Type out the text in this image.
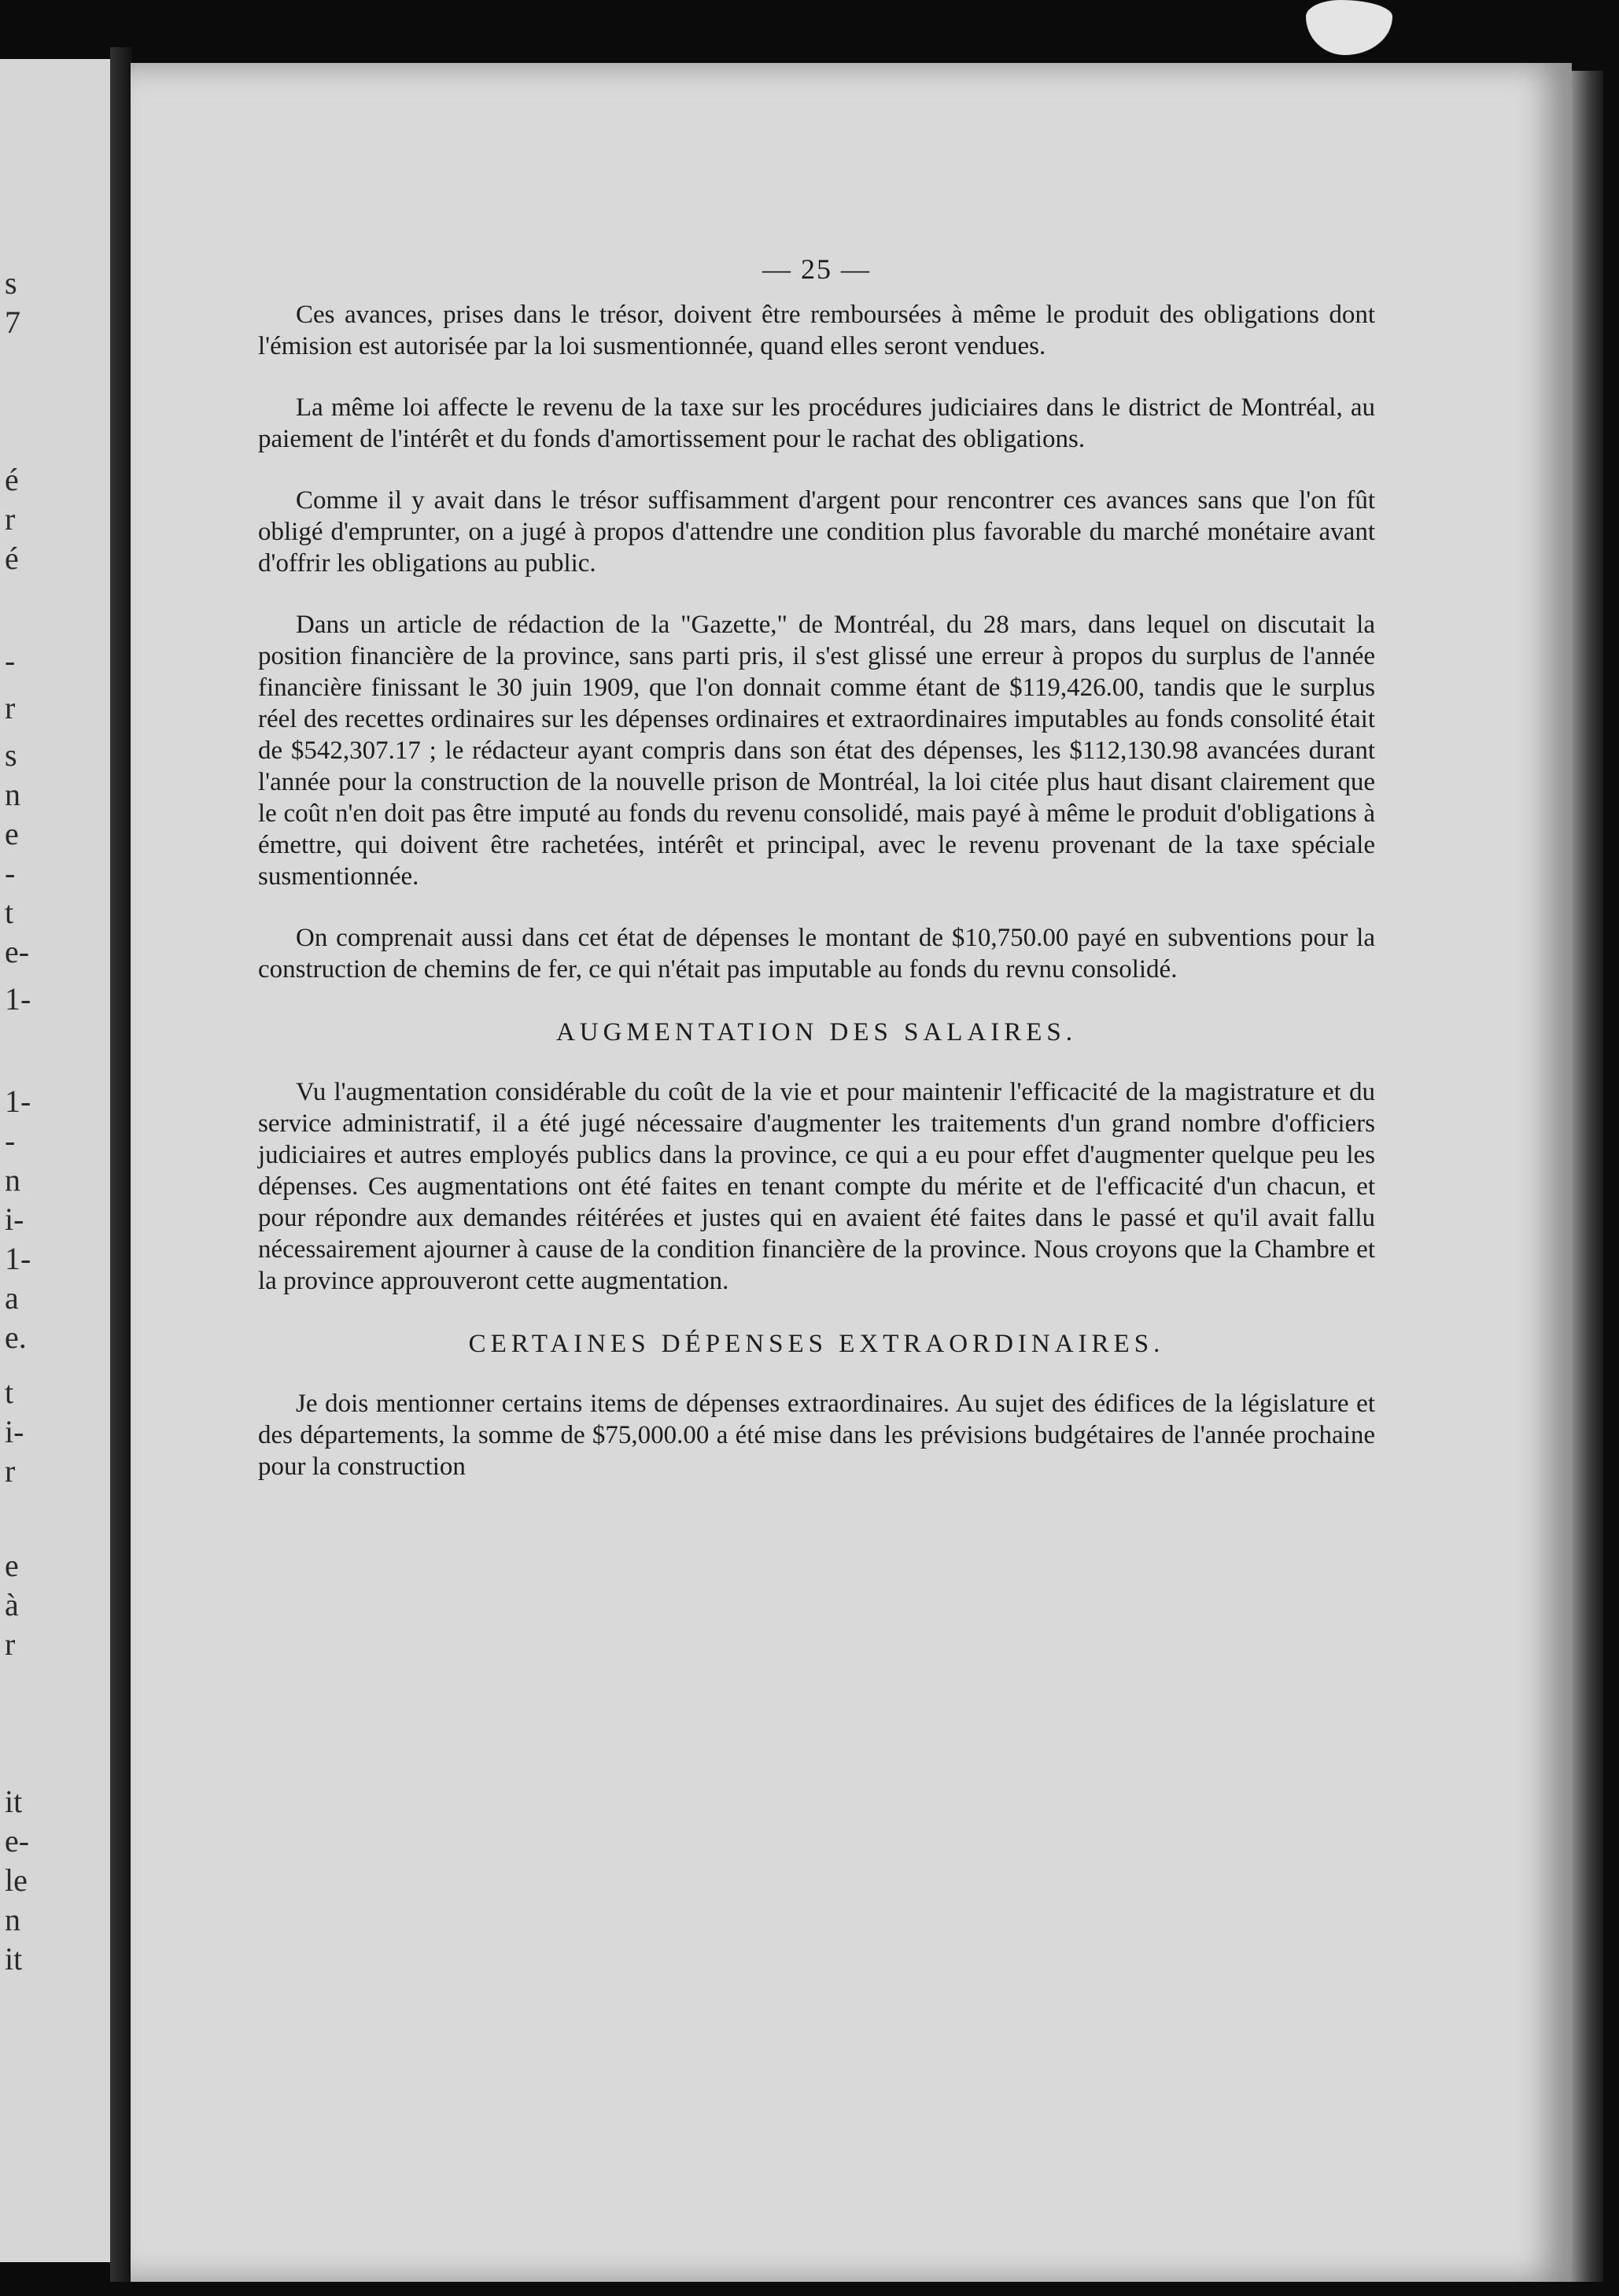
s
7
é
r
é
-
r
s
n
e
-
t
e-
1-
1-
-
n
i-
1-
a
e.
t
i-
r
e
à
r
it
e-
le
n
it
— 25 —

Ces avances, prises dans le trésor, doivent être remboursées à même le produit des obligations dont l'émision est autorisée par la loi susmentionnée, quand elles seront vendues.

La même loi affecte le revenu de la taxe sur les procédures judiciaires dans le district de Montréal, au paiement de l'intérêt et du fonds d'amortissement pour le rachat des obligations.

Comme il y avait dans le trésor suffisamment d'argent pour rencontrer ces avances sans que l'on fût obligé d'emprunter, on a jugé à propos d'attendre une condition plus favorable du marché monétaire avant d'offrir les obligations au public.

Dans un article de rédaction de la "Gazette," de Montréal, du 28 mars, dans lequel on discutait la position financière de la province, sans parti pris, il s'est glissé une erreur à propos du surplus de l'année financière finissant le 30 juin 1909, que l'on donnait comme étant de $119,426.00, tandis que le surplus réel des recettes ordinaires sur les dépenses ordinaires et extraordinaires imputables au fonds consolité était de $542,307.17 ; le rédacteur ayant compris dans son état des dépenses, les $112,130.98 avancées durant l'année pour la construction de la nouvelle prison de Montréal, la loi citée plus haut disant clairement que le coût n'en doit pas être imputé au fonds du revenu consolidé, mais payé à même le produit d'obligations à émettre, qui doivent être rachetées, intérêt et principal, avec le revenu provenant de la taxe spéciale susmentionnée.

On comprenait aussi dans cet état de dépenses le montant de $10,750.00 payé en subventions pour la construction de chemins de fer, ce qui n'était pas imputable au fonds du revnu consolidé.

AUGMENTATION DES SALAIRES.

Vu l'augmentation considérable du coût de la vie et pour maintenir l'efficacité de la magistrature et du service administratif, il a été jugé nécessaire d'augmenter les traitements d'un grand nombre d'officiers judiciaires et autres employés publics dans la province, ce qui a eu pour effet d'augmenter quelque peu les dépenses. Ces augmentations ont été faites en tenant compte du mérite et de l'efficacité d'un chacun, et pour répondre aux demandes réitérées et justes qui en avaient été faites dans le passé et qu'il avait fallu nécessairement ajourner à cause de la condition financière de la province. Nous croyons que la Chambre et la province approuveront cette augmentation.

CERTAINES DÉPENSES EXTRAORDINAIRES.

Je dois mentionner certains items de dépenses extraordinaires. Au sujet des édifices de la législature et des départements, la somme de $75,000.00 a été mise dans les prévisions budgétaires de l'année prochaine pour la construction
